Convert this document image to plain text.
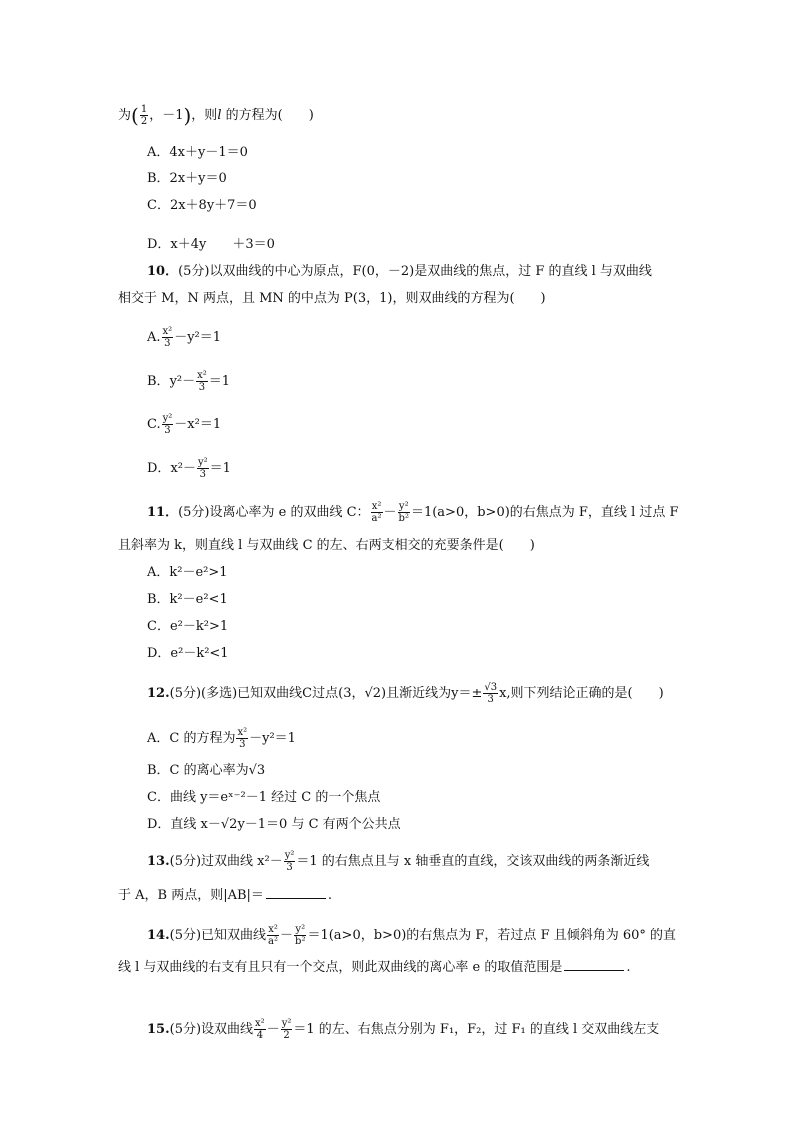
为( $\frac{1}{2}$ ，－1)，则l 的方程为(　　)
A．4x＋y－1＝0
B．2x＋y＝0
C．2x＋8y＋7＝0
D．x＋4y　　＋3＝0
10．(5分)以双曲线的中心为原点，F(0，－2)是双曲线的焦点，过 F 的直线 l 与双曲线
相交于 M，N 两点，且 MN 的中点为 P(3，1)，则双曲线的方程为(　　)
A. $\frac{\text{x²}}{3} -y^2=1$
B．$y^2- \frac{\text{x²}}{3} =1$
C. $\frac{\text{y²}}{3} -x^2=1$
D．$x^2- \frac{\text{y²}}{3} =1$
11．(5分)设离心率为 e 的双曲线 C： $\frac{\text{x²}}{\text{a²}} - \frac{\text{y²}}{\text{b²}} =1(a>0$，b>0)的右焦点为 F，直线 l 过点 F
且斜率为 k，则直线 l 与双曲线 C 的左、右两支相交的充要条件是(　　)
A．k²－e²>1
B．k²－e²<1
C．e²－k²>1
D．e²－k²<1
12.(5分)(多选)已知双曲线C过点(3，√2)且渐近线为$y=\pm \frac{√3}{3} x$,则下列结论正确的是(　　)
A．C 的方程为 $\frac{\text{x²}}{3} -y^2=1$
B．C 的离心率为√3
C．曲线 y＝eˣ⁻²－1 经过 C 的一个焦点
D．直线 x－√2y－1＝0 与 C 有两个公共点
13.(5分)过双曲线 $x^2- \frac{\text{y²}}{3} =1$ 的右焦点且与 x 轴垂直的直线，交该双曲线的两条渐近线
于 A，B 两点，则|AB|＝	.
14.(5分)已知双曲线 $\frac{\text{x²}}{\text{a²}} - \frac{\text{y²}}{\text{b²}} =1(a>0$，b>0)的右焦点为 F，若过点 F 且倾斜角为 60° 的直
线 l 与双曲线的右支有且只有一个交点，则此双曲线的离心率 e 的取值范围是	.
15.(5分)设双曲线 $\frac{\text{x²}}{4} - \frac{\text{y²}}{2} =1$ 的左、右焦点分别为 F₁，F₂，过 F₁ 的直线 l 交双曲线左支
